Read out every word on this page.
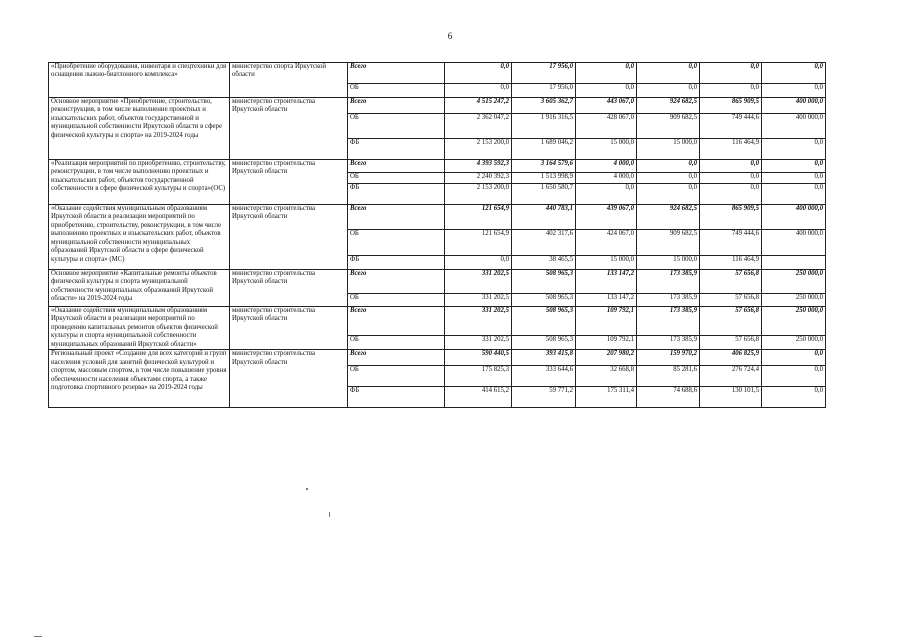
6
«Приобретение оборудования, инвентаря и спецтехники для оснащения лыжно-биатлонного комплекса»	министерство спорта Иркутской области	Всего	0,0	17 956,0	0,0	0,0	0,0	0,0
		ОБ	0,0	17 956,0	0,0	0,0	0,0	0,0
Основное мероприятие «Приобретение, строительство, реконструкция, в том числе выполнение проектных и изыскательских работ, объектов государственной и муниципальной собственности Иркутской области в сфере физической культуры и спорта» на 2019-2024 годы	министерство строительства Иркутской области	Всего	4 515 247,2	3 605 362,7	443 067,0	924 682,5	865 909,5	400 000,0
		ОБ	2 362 047,2	1 916 316,5	428 067,0	909 682,5	749 444,6	400 000,0
		ФБ	2 153 200,0	1 689 046,2	15 000,0	15 000,0	116 464,9	0,0
«Реализация мероприятий по приобретению, строительству, реконструкции, в том числе выполнению проектных и изыскательских работ, объектов государственной собственности в сфере физической культуры и спорта»(ОС)	министерство строительства Иркутской области	Всего	4 393 592,3	3 164 579,6	4 000,0	0,0	0,0	0,0
		ОБ	2 240 392,3	1 513 998,9	4 000,0	0,0	0,0	0,0
		ФБ	2 153 200,0	1 650 580,7	0,0	0,0	0,0	0,0
«Оказание содействия муниципальным образованиям Иркутской области в реализации мероприятий по приобретению, строительству, реконструкции, в том числе выполнению проектных и изыскательских работ, объектов муниципальной собственности муниципальных образований Иркутской области в сфере физической культуры и спорта» (МС)	министерство строительства Иркутской области	Всего	121 654,9	440 783,1	439 067,0	924 682,5	865 909,5	400 000,0
		ОБ	121 654,9	402 317,6	424 067,0	909 682,5	749 444,6	400 000,0
		ФБ	0,0	38 465,5	15 000,0	15 000,0	116 464,9	
Основное мероприятие «Капитальные ремонты объектов физической культуры и спорта муниципальной собственности муниципальных образований Иркутской области» на 2019-2024 годы	министерство строительства Иркутской области	Всего	331 202,5	508 965,3	133 147,2	173 385,9	57 656,8	250 000,0
		ОБ	331 202,5	508 965,3	133 147,2	173 385,9	57 656,8	250 000,0
«Оказание содействия муниципальным образованиям Иркутской области в реализации мероприятий по проведению капитальных ремонтов объектов физической культуры и спорта муниципальной собственности муниципальных образований Иркутской области»	министерство строительства Иркутской области	Всего	331 202,5	508 965,3	109 792,1	173 385,9	57 656,8	250 000,0
		ОБ	331 202,5	508 965,3	109 792,1	173 385,9	57 656,8	250 000,0
Региональный проект «Создание для всех категорий и групп населения условий для занятий физической культурой и спортом, массовым спортом, в том числе повышение уровня обеспеченности населения объектами спорта, а также подготовка спортивного резерва» на 2019-2024 годы	министерство строительства Иркутской области	Всего	590 440,5	393 415,8	207 980,2	159 970,2	406 825,9	0,0
		ОБ	175 825,3	333 644,6	32 668,8	85 281,6	276 724,4	0,0
		ФБ	414 615,2	59 771,2	175 311,4	74 688,6	130 101,5	0,0
